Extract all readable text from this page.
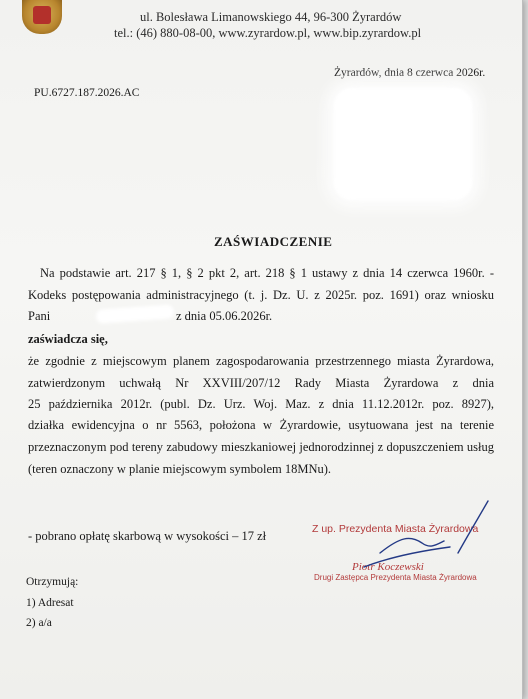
ul. Bolesława Limanowskiego 44, 96-300 Żyrardów
tel.: (46) 880-08-00, www.zyrardow.pl, www.bip.zyrardow.pl
Żyrardów, dnia 8 czerwca 2026r.
PU.6727.187.2026.AC
ZAŚWIADCZENIE
Na podstawie art. 217 § 1, § 2 pkt 2, art. 218 § 1 ustawy z dnia 14 czerwca 1960r. -
Kodeks postępowania administracyjnego (t. j. Dz. U. z 2025r. poz. 1691) oraz wniosku
Pani	z dnia 05.06.2026r.
zaświadcza się,
że zgodnie z miejscowym planem zagospodarowania przestrzennego miasta Żyrardowa,
zatwierdzonym uchwałą Nr XXVIII/207/12 Rady Miasta Żyrardowa z dnia
25 października 2012r. (publ. Dz. Urz. Woj. Maz. z dnia 11.12.2012r. poz. 8927),
działka ewidencyjna o nr 5563, położona w Żyrardowie, usytuowana jest na terenie
przeznaczonym pod tereny zabudowy mieszkaniowej jednorodzinnej z dopuszczeniem usług
(teren oznaczony w planie miejscowym symbolem 18MNu).
- pobrano opłatę skarbową w wysokości – 17 zł	Z up. Prezydenta Miasta Żyrardowa
Piotr Koczewski
Drugi Zastępca Prezydenta Miasta Żyrardowa
Otrzymują:
1) Adresat
2) a/a
